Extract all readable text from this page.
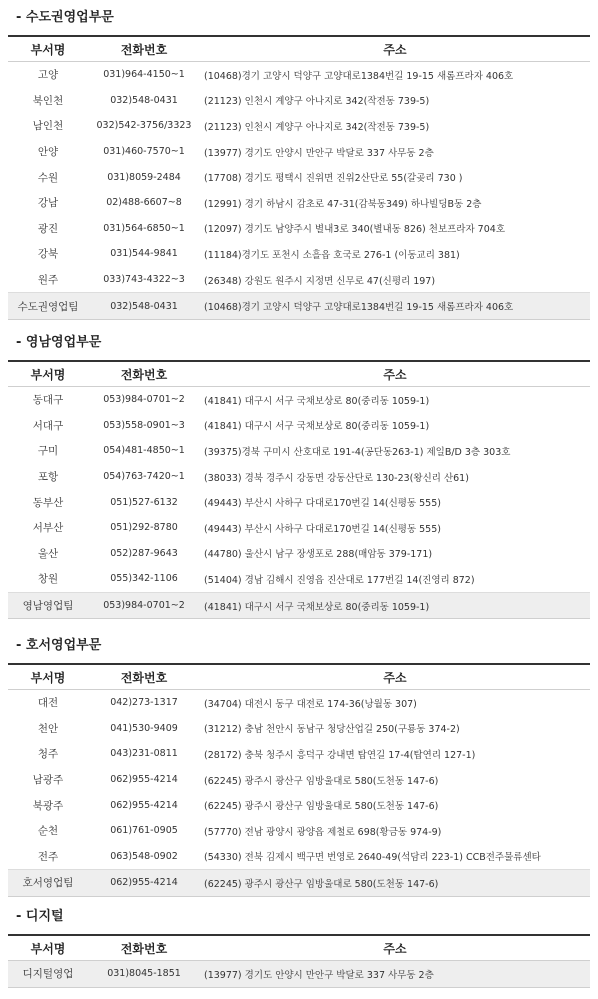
- 수도권영업부문
부서명	전화번호	주소
고양	031)964-4150~1	(10468)경기 고양시 덕양구 고양대로1384번길 19-15 새롬프라자 406호
북인천	032)548-0431	(21123) 인천시 계양구 아나지로 342(작전동 739-5)
남인천	032)542-3756/3323	(21123) 인천시 계양구 아나지로 342(작전동 739-5)
안양	031)460-7570~1	(13977) 경기도 안양시 만안구 박달로 337 사무동 2층
수원	031)8059-2484	(17708) 경기도 평택시 진위면 진위2산단로 55(갈곶리 730 )
강남	02)488-6607~8	(12991) 경기 하남시 감초로 47-31(감북동349) 하나빌딩B동 2층
광진	031)564-6850~1	(12097) 경기도 남양주시 별내3로 340(별내동 826) 천보프라자 704호
강북	031)544-9841	(11184)경기도 포천시 소흘읍 호국로 276-1 (이동교리 381)
원주	033)743-4322~3	(26348) 강원도 원주시 지정면 신무로 47(신평리 197)
수도권영업팀	032)548-0431	(10468)경기 고양시 덕양구 고양대로1384번길 19-15 새롬프라자 406호
- 영남영업부문
부서명	전화번호	주소
동대구	053)984-0701~2	(41841) 대구시 서구 국채보상로 80(중리동 1059-1)
서대구	053)558-0901~3	(41841) 대구시 서구 국채보상로 80(중리동 1059-1)
구미	054)481-4850~1	(39375)경북 구미시 산호대로 191-4(공단동263-1) 제일B/D 3층 303호
포항	054)763-7420~1	(38033) 경북 경주시 강동면 강동산단로 130-23(왕신리 산61)
동부산	051)527-6132	(49443) 부산시 사하구 다대로170번길 14(신평동 555)
서부산	051)292-8780	(49443) 부산시 사하구 다대로170번길 14(신평동 555)
울산	052)287-9643	(44780) 울산시 남구 장생포로 288(매암동 379-171)
창원	055)342-1106	(51404) 경남 김해시 진영읍 진산대로 177번길 14(진영리 872)
영남영업팀	053)984-0701~2	(41841) 대구시 서구 국채보상로 80(중리동 1059-1)
- 호서영업부문
부서명	전화번호	주소
대전	042)273-1317	(34704) 대전시 동구 대전로 174-36(낭월동 307)
천안	041)530-9409	(31212) 충남 천안시 동남구 청당산업길 250(구룡동 374-2)
청주	043)231-0811	(28172) 충북 청주시 흥덕구 강내면 탑연길 17-4(탑연리 127-1)
남광주	062)955-4214	(62245) 광주시 광산구 임방울대로 580(도천동 147-6)
북광주	062)955-4214	(62245) 광주시 광산구 임방울대로 580(도천동 147-6)
순천	061)761-0905	(57770) 전남 광양시 광양읍 제철로 698(황금동 974-9)
전주	063)548-0902	(54330) 전북 김제시 백구면 번영로 2640-49(석담리 223-1) CCB전주물류센타
호서영업팀	062)955-4214	(62245) 광주시 광산구 임방울대로 580(도천동 147-6)
- 디지털
부서명	전화번호	주소
디지털영업	031)8045-1851	(13977) 경기도 안양시 만안구 박달로 337 사무동 2층
